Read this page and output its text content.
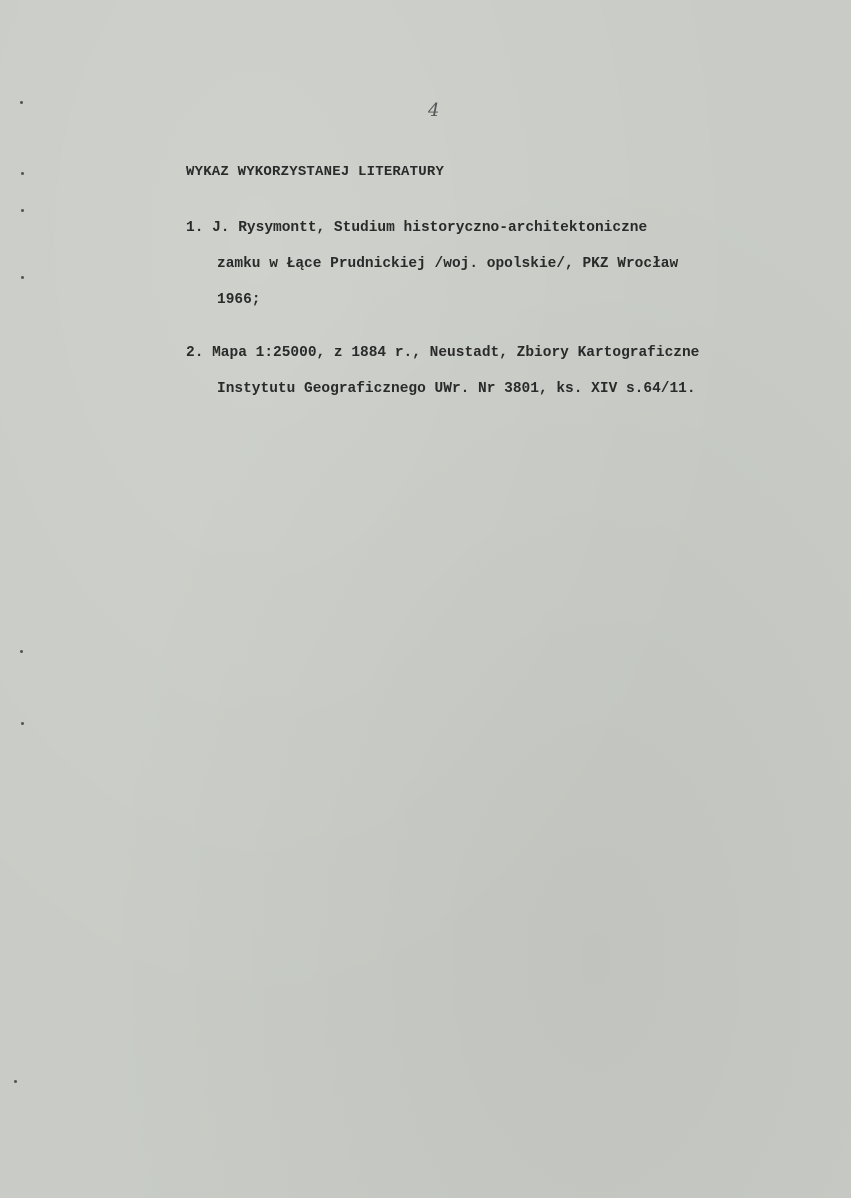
4
WYKAZ WYKORZYSTANEJ LITERATURY
1. J. Rysymontt, Studium historyczno-architektoniczne
zamku w Łące Prudnickiej /woj. opolskie/, PKZ Wrocław
1966;
2. Mapa 1:25000, z 1884 r., Neustadt, Zbiory Kartograficzne
Instytutu Geograficznego UWr. Nr 3801, ks. XIV s.64/11.
